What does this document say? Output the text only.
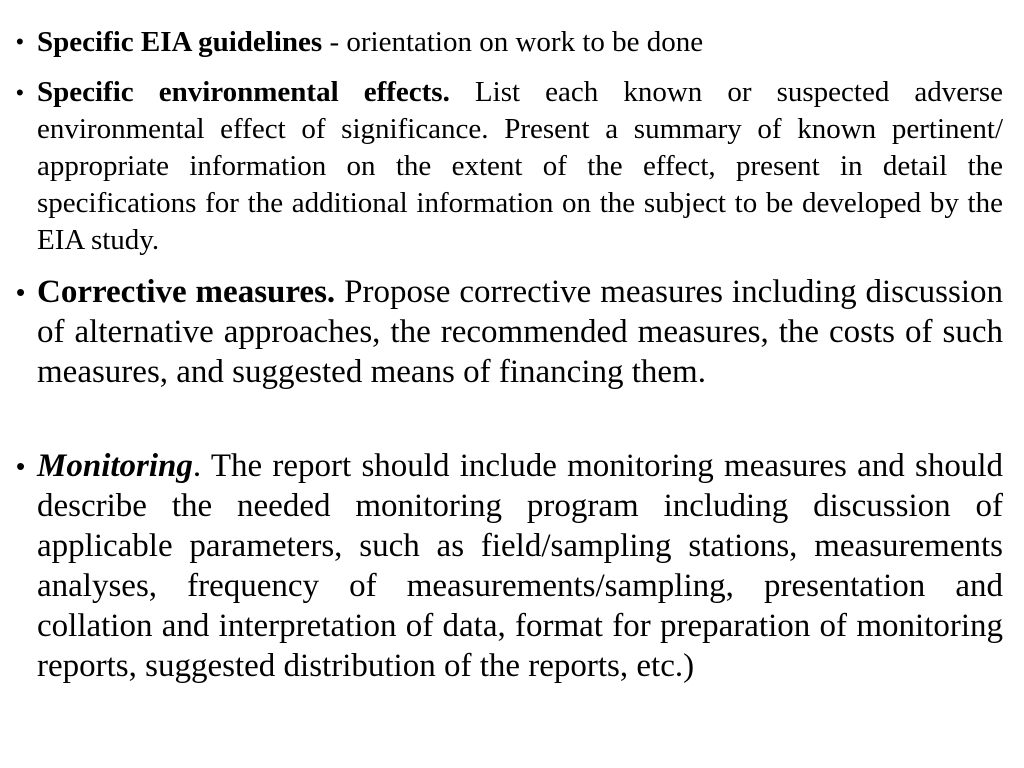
• Specific EIA guidelines - orientation on work to be done

• Specific environmental effects. List each known or suspected adverse environmental effect of significance. Present a summary of known pertinent/ appropriate information on the extent of the effect, present in detail the specifications for the additional information on the subject to be developed by the EIA study.

• Corrective measures. Propose corrective measures including discussion of alternative approaches, the recommended measures, the costs of such measures, and suggested means of financing them.

• Monitoring. The report should include monitoring measures and should describe the needed monitoring program including discussion of applicable parameters, such as field/sampling stations, measurements analyses, frequency of measurements/sampling, presentation and collation and interpretation of data, format for preparation of monitoring reports, suggested distribution of the reports, etc.)
